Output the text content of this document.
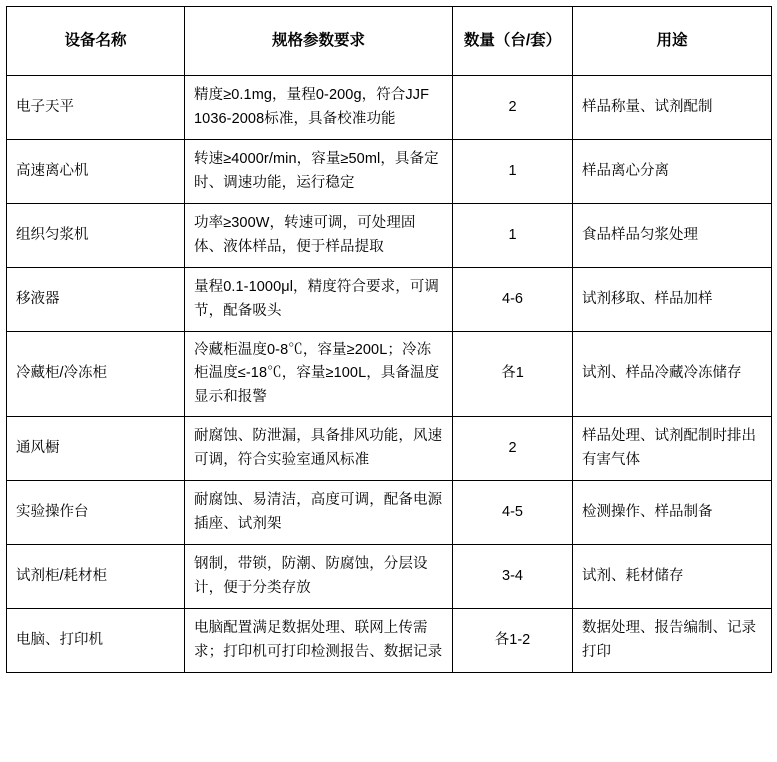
设备名称	规格参数要求	数量（台/套）	用途
电子天平	精度≥0.1mg，量程0-200g，符合JJF 1036-2008标准，具备校准功能	2	样品称量、试剂配制
高速离心机	转速≥4000r/min，容量≥50ml，具备定时、调速功能，运行稳定	1	样品离心分离
组织匀浆机	功率≥300W，转速可调，可处理固体、液体样品，便于样品提取	1	食品样品匀浆处理
移液器	量程0.1-1000μl，精度符合要求，可调节，配备吸头	4-6	试剂移取、样品加样
冷藏柜/冷冻柜	冷藏柜温度0-8℃，容量≥200L；冷冻柜温度≤-18℃，容量≥100L，具备温度显示和报警	各1	试剂、样品冷藏冷冻储存
通风橱	耐腐蚀、防泄漏，具备排风功能，风速可调，符合实验室通风标准	2	样品处理、试剂配制时排出有害气体
实验操作台	耐腐蚀、易清洁，高度可调，配备电源插座、试剂架	4-5	检测操作、样品制备
试剂柜/耗材柜	钢制，带锁，防潮、防腐蚀，分层设计，便于分类存放	3-4	试剂、耗材储存
电脑、打印机	电脑配置满足数据处理、联网上传需求；打印机可打印检测报告、数据记录	各1-2	数据处理、报告编制、记录打印
